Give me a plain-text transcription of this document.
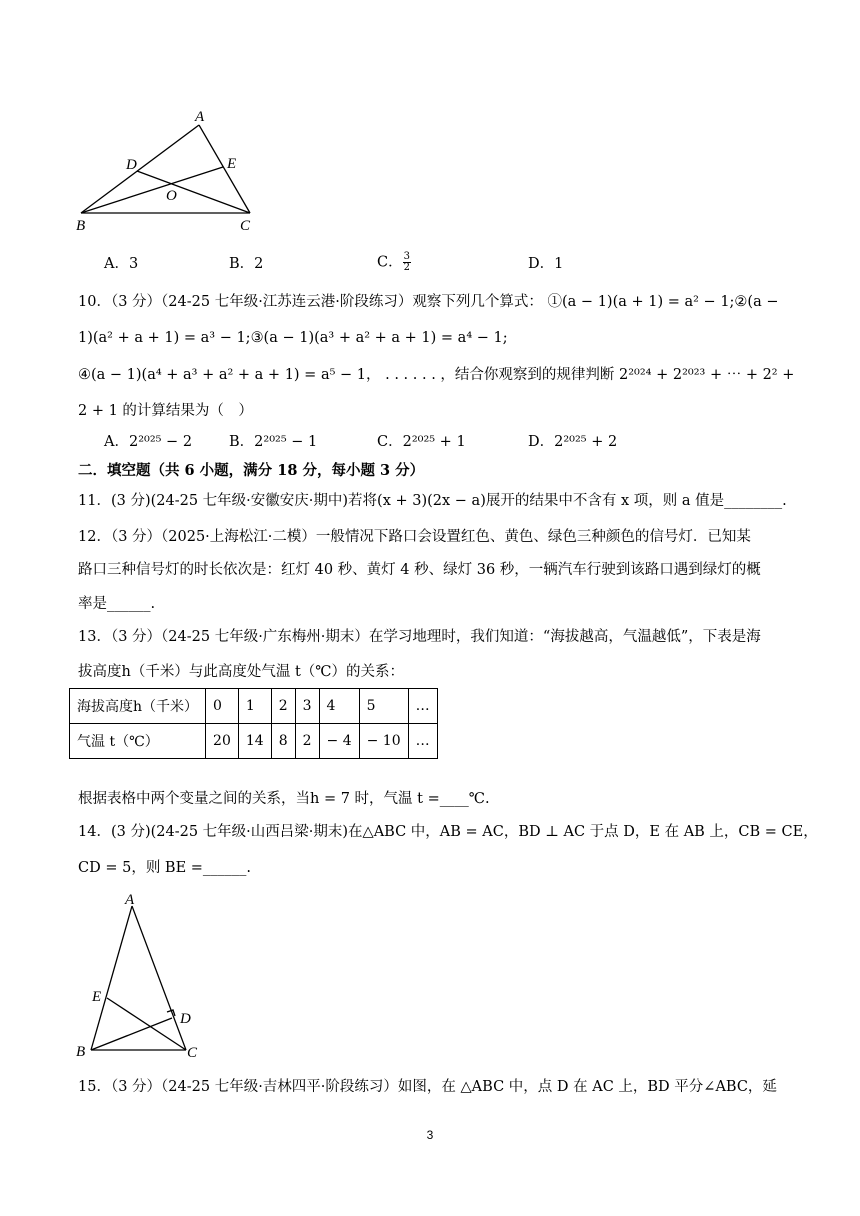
A
D	E
O
B	C
A．3	B．2	C． $\frac{3}{2}$	D．1
10．（3 分）（24-25 七年级·江苏连云港·阶段练习）观察下列几个算式： ①(a − 1)(a + 1) = a² − 1;②(a −
1)(a² + a + 1) = a³ − 1;③(a − 1)(a³ + a² + a + 1) = a⁴ − 1;
④(a − 1)(a⁴ + a³ + a² + a + 1) = a⁵ − 1， . . . . . . ，结合你观察到的规律判断 2²⁰²⁴ + 2²⁰²³ + ⋯ + 2² +
2 + 1 的计算结果为（　）
A．2²⁰²⁵ − 2	B．2²⁰²⁵ − 1	C．2²⁰²⁵ + 1	D．2²⁰²⁵ + 2
二．填空题（共 6 小题，满分 18 分，每小题 3 分）
11．(3 分)(24-25 七年级·安徽安庆·期中)若将(x + 3)(2x − a)展开的结果中不含有 x 项，则 a 值是________.
12．（3 分）（2025·上海松江·二模）一般情况下路口会设置红色、黄色、绿色三种颜色的信号灯．已知某
路口三种信号灯的时长依次是：红灯 40 秒、黄灯 4 秒、绿灯 36 秒，一辆汽车行驶到该路口遇到绿灯的概
率是______.
13．（3 分）（24-25 七年级·广东梅州·期末）在学习地理时，我们知道：“海拔越高，气温越低”，下表是海
拔高度h（千米）与此高度处气温 t（℃）的关系：
海拔高度h（千米）	0	1	2	3	4	5	…
气温 t（℃）	20	14	8	2	− 4	− 10	…
根据表格中两个变量之间的关系，当h = 7 时，气温 t =____℃.
14．(3 分)(24-25 七年级·山西吕梁·期末)在△ABC 中，AB = AC，BD ⊥ AC 于点 D，E 在 AB 上，CB = CE，
CD = 5，则 BE =______.
A
E
D
B	C
15．（3 分）（24-25 七年级·吉林四平·阶段练习）如图，在 △ABC 中，点 D 在 AC 上，BD 平分∠ABC，延
3
